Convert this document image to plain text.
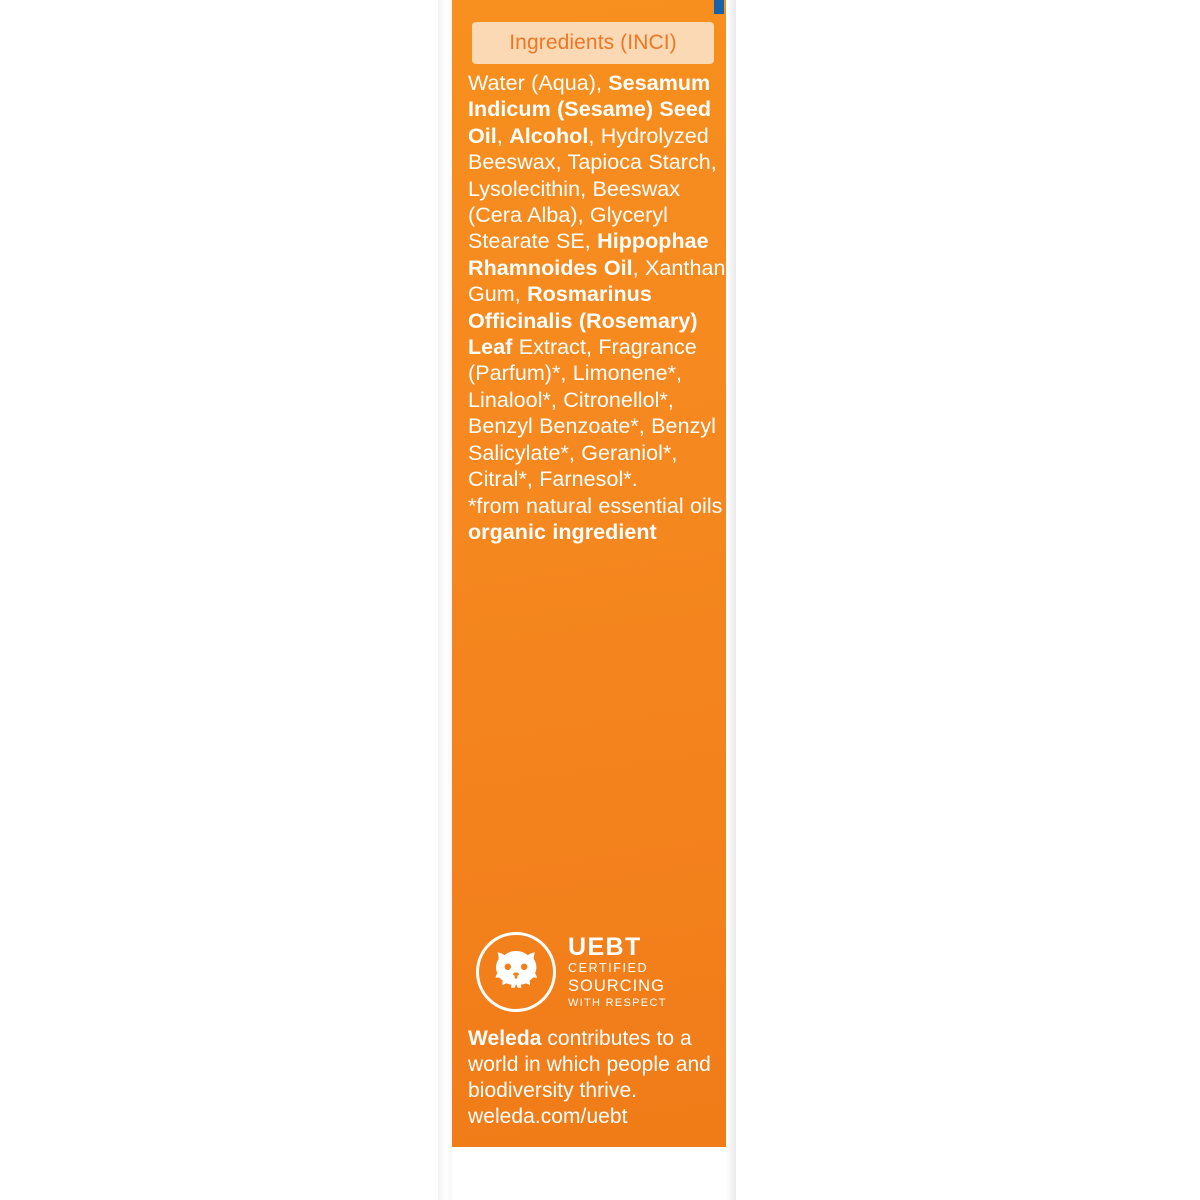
Ingredients (INCI)
Water (Aqua), Sesamum Indicum (Sesame) Seed Oil, Alcohol, Hydrolyzed Beeswax, Tapioca Starch, Lysolecithin, Beeswax (Cera Alba), Glyceryl Stearate SE, Hippophae Rhamnoides Oil, Xanthan Gum, Rosmarinus Officinalis (Rosemary) Leaf Extract, Fragrance (Parfum)*, Limonene*, Linalool*, Citronellol*, Benzyl Benzoate*, Benzyl Salicylate*, Geraniol*, Citral*, Farnesol*.

*from natural essential oils
organic ingredient
UEBT
CERTIFIED
SOURCING
WITH RESPECT
Weleda contributes to a world in which people and biodiversity thrive.
weleda.com/uebt
